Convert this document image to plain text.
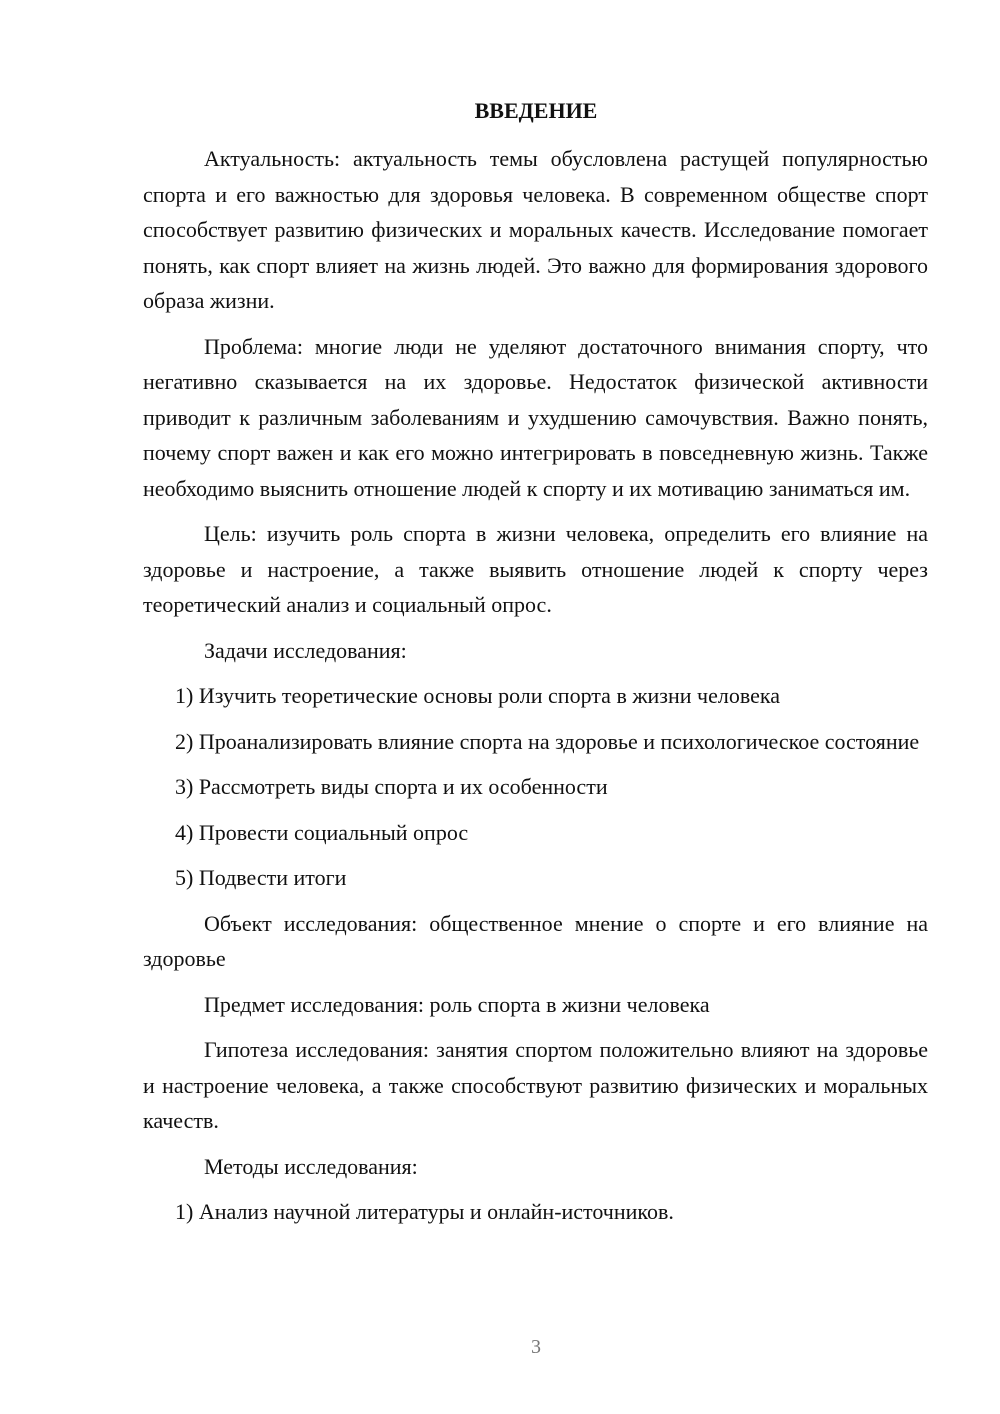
ВВЕДЕНИЕ

Актуальность: актуальность темы обусловлена растущей популярностью спорта и его важностью для здоровья человека. В современном обществе спорт способствует развитию физических и моральных качеств. Исследование помогает понять, как спорт влияет на жизнь людей. Это важно для формирования здорового образа жизни.

Проблема: многие люди не уделяют достаточного внимания спорту, что негативно сказывается на их здоровье. Недостаток физической активности приводит к различным заболеваниям и ухудшению самочувствия. Важно понять, почему спорт важен и как его можно интегрировать в повседневную жизнь. Также необходимо выяснить отношение людей к спорту и их мотивацию заниматься им.

Цель: изучить роль спорта в жизни человека, определить его влияние на здоровье и настроение, а также выявить отношение людей к спорту через теоретический анализ и социальный опрос.

Задачи исследования:

1) Изучить теоретические основы роли спорта в жизни человека

2) Проанализировать влияние спорта на здоровье и психологическое состояние

3) Рассмотреть виды спорта и их особенности

4) Провести социальный опрос

5) Подвести итоги

Объект исследования: общественное мнение о спорте и его влияние на здоровье

Предмет исследования: роль спорта в жизни человека

Гипотеза исследования: занятия спортом положительно влияют на здоровье и настроение человека, а также способствуют развитию физических и моральных качеств.

Методы исследования:

1) Анализ научной литературы и онлайн-источников.

3
